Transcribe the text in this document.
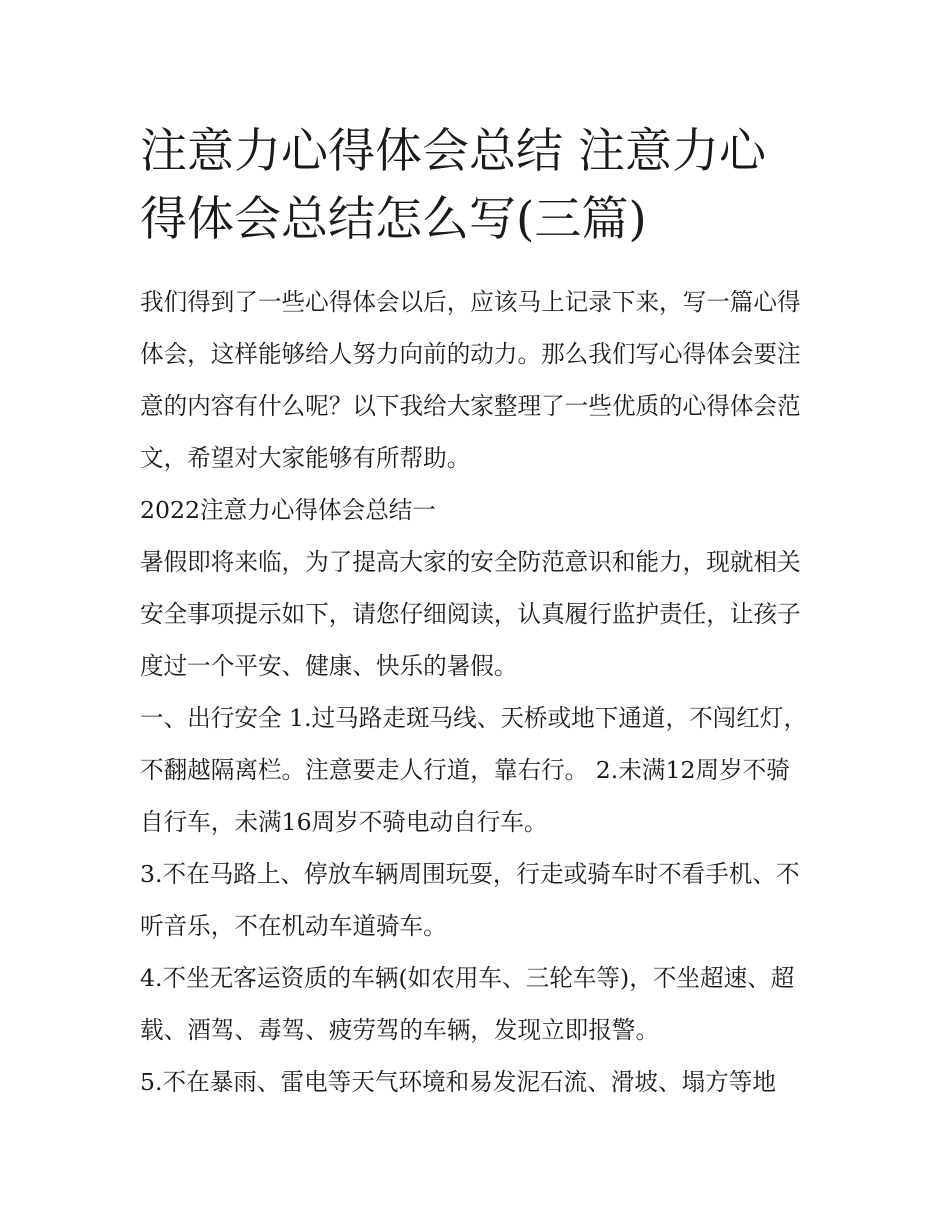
注意力心得体会总结 注意力心
得体会总结怎么写(三篇)

我们得到了一些心得体会以后，应该马上记录下来，写一篇心得体会，这样能够给人努力向前的动力。那么我们写心得体会要注意的内容有什么呢？以下我给大家整理了一些优质的心得体会范文，希望对大家能够有所帮助。

2022注意力心得体会总结一

暑假即将来临，为了提高大家的安全防范意识和能力，现就相关安全事项提示如下，请您仔细阅读，认真履行监护责任，让孩子度过一个平安、健康、快乐的暑假。

一、出行安全 1.过马路走斑马线、天桥或地下通道，不闯红灯，不翻越隔离栏。注意要走人行道，靠右行。 2.未满12周岁不骑自行车，未满16周岁不骑电动自行车。

3.不在马路上、停放车辆周围玩耍，行走或骑车时不看手机、不听音乐，不在机动车道骑车。

4.不坐无客运资质的车辆(如农用车、三轮车等)，不坐超速、超载、酒驾、毒驾、疲劳驾的车辆，发现立即报警。

5.不在暴雨、雷电等天气环境和易发泥石流、滑坡、塌方等地
